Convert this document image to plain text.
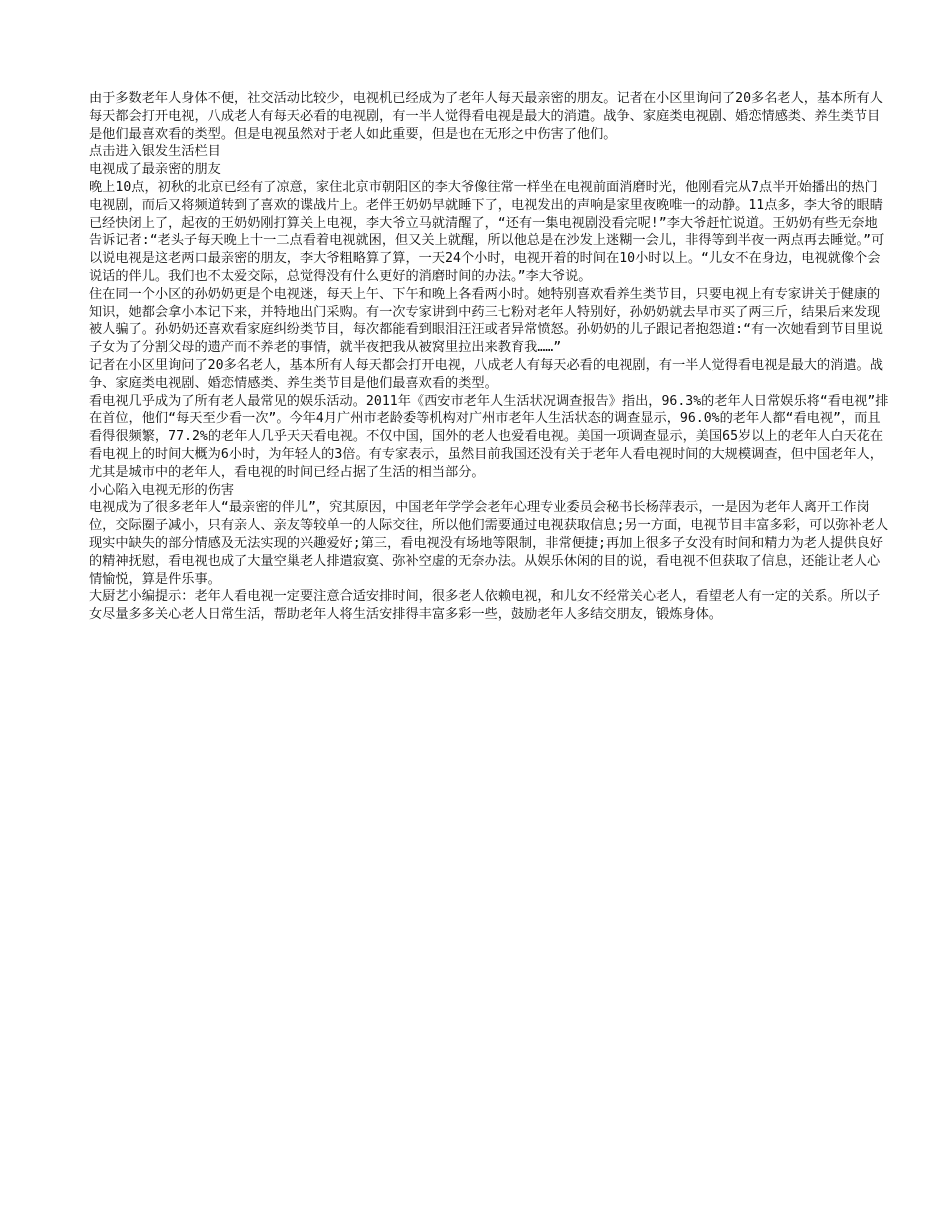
由于多数老年人身体不便，社交活动比较少，电视机已经成为了老年人每天最亲密的朋友。记者在小区里询问了20多名老人，基本所有人每天都会打开电视，八成老人有每天必看的电视剧，有一半人觉得看电视是最大的消遣。战争、家庭类电视剧、婚恋情感类、养生类节目是他们最喜欢看的类型。但是电视虽然对于老人如此重要，但是也在无形之中伤害了他们。

点击进入银发生活栏目
电视成了最亲密的朋友

晚上10点，初秋的北京已经有了凉意，家住北京市朝阳区的李大爷像往常一样坐在电视前面消磨时光，他刚看完从7点半开始播出的热门电视剧，而后又将频道转到了喜欢的谍战片上。老伴王奶奶早就睡下了，电视发出的声响是家里夜晚唯一的动静。11点多，李大爷的眼睛已经快闭上了，起夜的王奶奶刚打算关上电视，李大爷立马就清醒了，“还有一集电视剧没看完呢!”李大爷赶忙说道。王奶奶有些无奈地告诉记者:“老头子每天晚上十一二点看着电视就困，但又关上就醒，所以他总是在沙发上迷糊一会儿，非得等到半夜一两点再去睡觉。”可以说电视是这老两口最亲密的朋友，李大爷粗略算了算，一天24个小时，电视开着的时间在10小时以上。“儿女不在身边，电视就像个会说话的伴儿。我们也不太爱交际，总觉得没有什么更好的消磨时间的办法。”李大爷说。

住在同一个小区的孙奶奶更是个电视迷，每天上午、下午和晚上各看两小时。她特别喜欢看养生类节目，只要电视上有专家讲关于健康的知识，她都会拿小本记下来，并特地出门采购。有一次专家讲到中药三七粉对老年人特别好，孙奶奶就去早市买了两三斤，结果后来发现被人骗了。孙奶奶还喜欢看家庭纠纷类节目，每次都能看到眼泪汪汪或者异常愤怒。孙奶奶的儿子跟记者抱怨道:“有一次她看到节目里说子女为了分割父母的遗产而不养老的事情，就半夜把我从被窝里拉出来教育我……”

记者在小区里询问了20多名老人，基本所有人每天都会打开电视，八成老人有每天必看的电视剧，有一半人觉得看电视是最大的消遣。战争、家庭类电视剧、婚恋情感类、养生类节目是他们最喜欢看的类型。

看电视几乎成为了所有老人最常见的娱乐活动。2011年《西安市老年人生活状况调查报告》指出，96.3%的老年人日常娱乐将“看电视”排在首位，他们“每天至少看一次”。今年4月广州市老龄委等机构对广州市老年人生活状态的调查显示，96.0%的老年人都“看电视”，而且看得很频繁，77.2%的老年人几乎天天看电视。不仅中国，国外的老人也爱看电视。美国一项调查显示，美国65岁以上的老年人白天花在看电视上的时间大概为6小时，为年轻人的3倍。有专家表示，虽然目前我国还没有关于老年人看电视时间的大规模调查，但中国老年人，尤其是城市中的老年人，看电视的时间已经占据了生活的相当部分。

小心陷入电视无形的伤害

电视成为了很多老年人“最亲密的伴儿”，究其原因，中国老年学学会老年心理专业委员会秘书长杨萍表示，一是因为老年人离开工作岗位，交际圈子减小，只有亲人、亲友等较单一的人际交往，所以他们需要通过电视获取信息;另一方面，电视节目丰富多彩，可以弥补老人现实中缺失的部分情感及无法实现的兴趣爱好;第三，看电视没有场地等限制，非常便捷;再加上很多子女没有时间和精力为老人提供良好的精神抚慰，看电视也成了大量空巢老人排遣寂寞、弥补空虚的无奈办法。从娱乐休闲的目的说，看电视不但获取了信息，还能让老人心情愉悦，算是件乐事。

大厨艺小编提示：老年人看电视一定要注意合适安排时间，很多老人依赖电视，和儿女不经常关心老人，看望老人有一定的关系。所以子女尽量多多关心老人日常生活，帮助老年人将生活安排得丰富多彩一些，鼓励老年人多结交朋友，锻炼身体。
